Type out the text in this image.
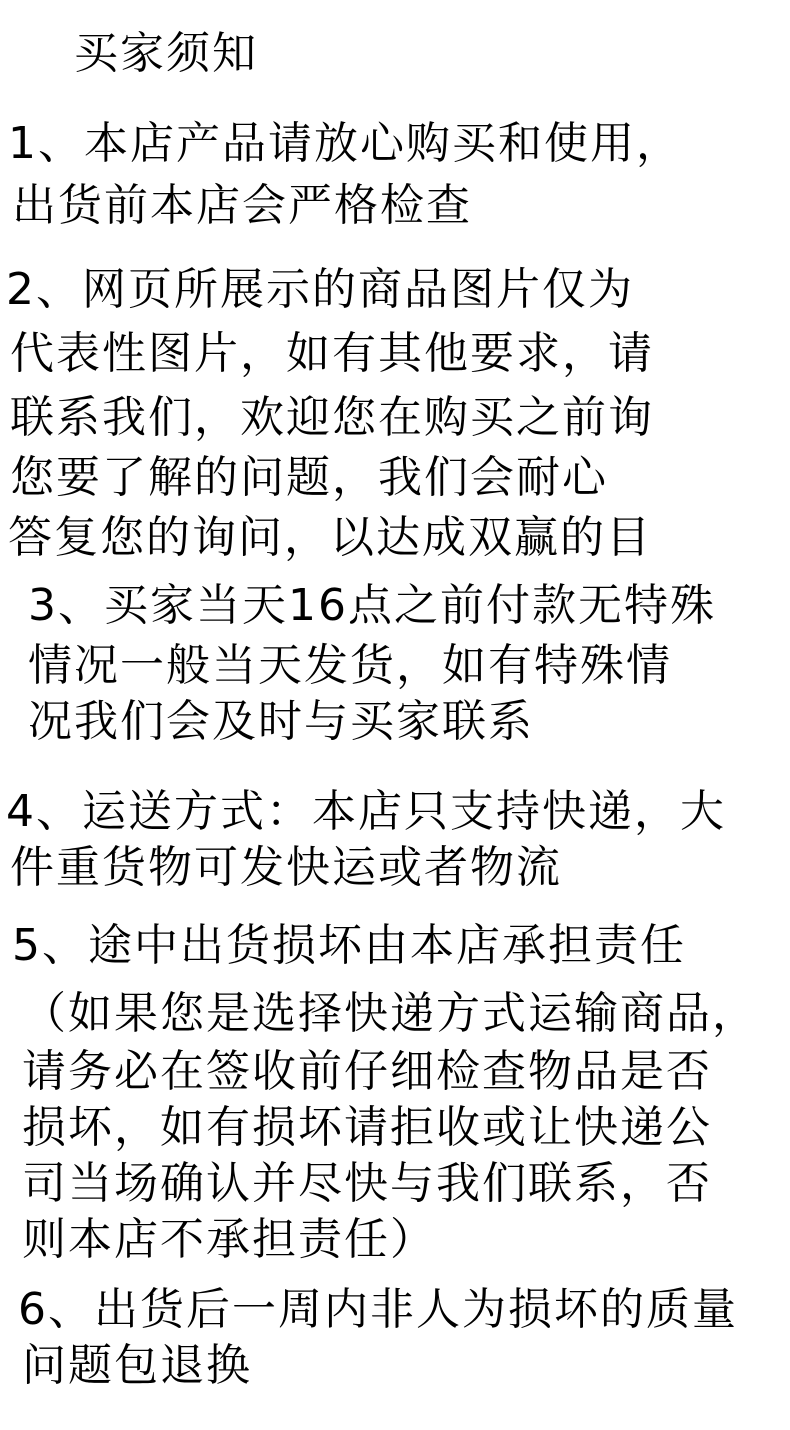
买家须知
1、本店产品请放心购买和使用，
出货前本店会严格检查
2、网页所展示的商品图片仅为
代表性图片，如有其他要求，请
联系我们，欢迎您在购买之前询
您要了解的问题，我们会耐心
答复您的询问，以达成双赢的目
3、买家当天16点之前付款无特殊
情况一般当天发货，如有特殊情
况我们会及时与买家联系
4、运送方式：本店只支持快递，大
件重货物可发快运或者物流
5、途中出货损坏由本店承担责任
（如果您是选择快递方式运输商品，
请务必在签收前仔细检查物品是否
损坏，如有损坏请拒收或让快递公
司当场确认并尽快与我们联系，否
则本店不承担责任）
6、出货后一周内非人为损坏的质量
问题包退换
